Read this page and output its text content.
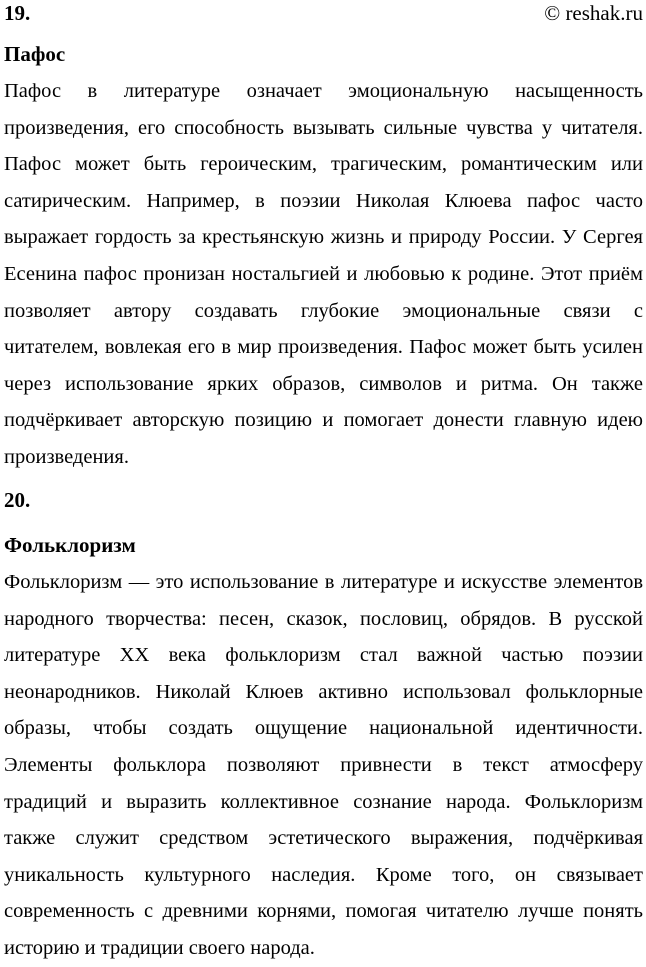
19.	© reshak.ru
Пафос
Пафос в литературе означает эмоциональную насыщенность
произведения, его способность вызывать сильные чувства у читателя.
Пафос может быть героическим, трагическим, романтическим или
сатирическим. Например, в поэзии Николая Клюева пафос часто
выражает гордость за крестьянскую жизнь и природу России. У Сергея
Есенина пафос пронизан ностальгией и любовью к родине. Этот приём
позволяет автору создавать глубокие эмоциональные связи с
читателем, вовлекая его в мир произведения. Пафос может быть усилен
через использование ярких образов, символов и ритма. Он также
подчёркивает авторскую позицию и помогает донести главную идею
произведения.
20.
Фольклоризм
Фольклоризм — это использование в литературе и искусстве элементов
народного творчества: песен, сказок, пословиц, обрядов. В русской
литературе XX века фольклоризм стал важной частью поэзии
неонародников. Николай Клюев активно использовал фольклорные
образы, чтобы создать ощущение национальной идентичности.
Элементы фольклора позволяют привнести в текст атмосферу
традиций и выразить коллективное сознание народа. Фольклоризм
также служит средством эстетического выражения, подчёркивая
уникальность культурного наследия. Кроме того, он связывает
современность с древними корнями, помогая читателю лучше понять
историю и традиции своего народа.
